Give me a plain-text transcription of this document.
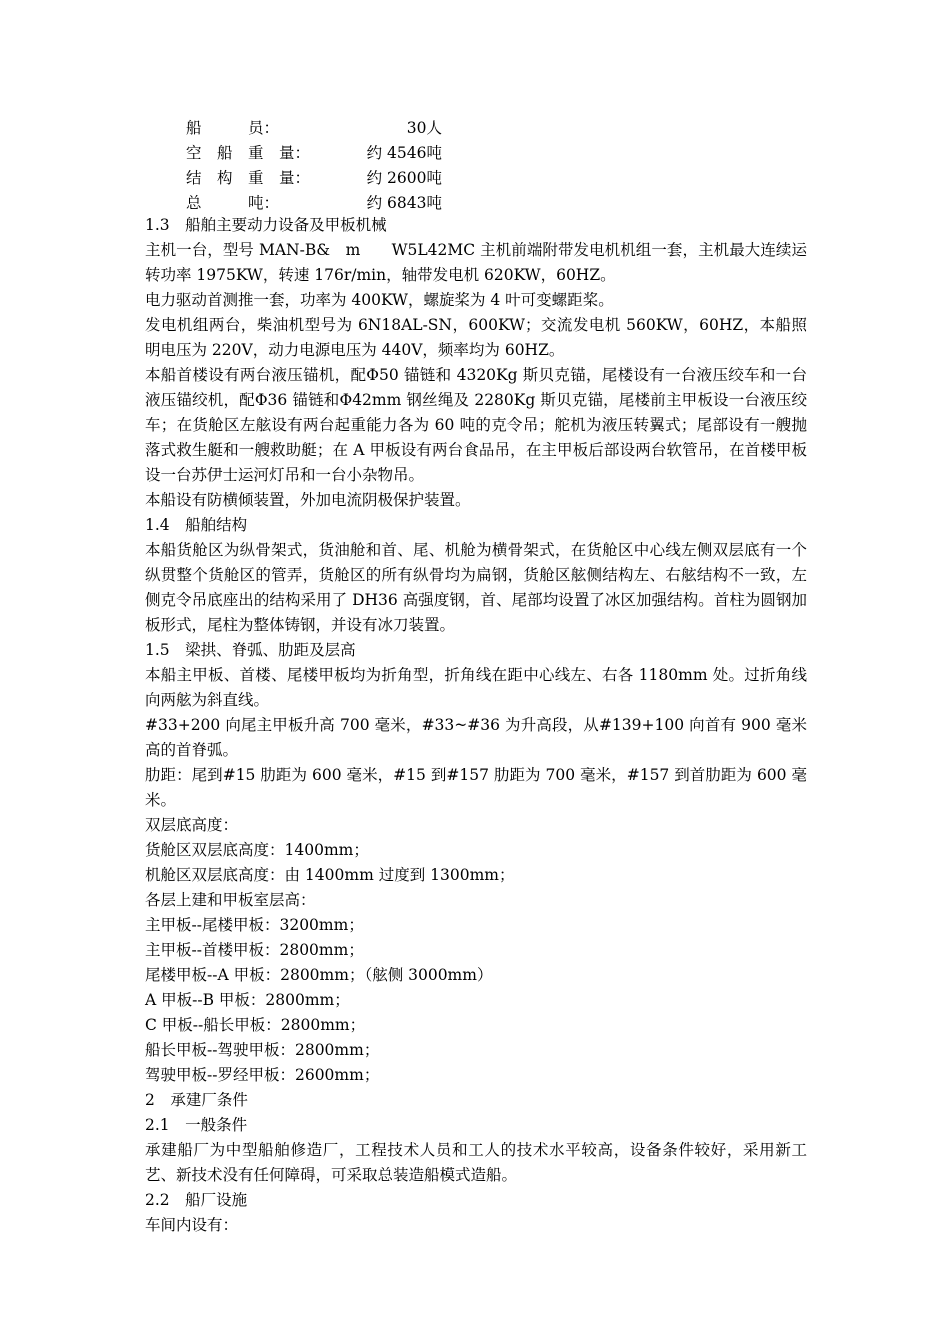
船　　　员：	30人
空　船　重　量：	约 4546吨
结　构　重　量：	约 2600吨
总　　　吨：	约 6843吨

1.3　船舶主要动力设备及甲板机械

主机一台，型号 MAN-B&　m　　W5L42MC 主机前端附带发电机机组一套，主机最大连续运转功率 1975KW，转速 176r/min，轴带发电机 620KW，60HZ。

电力驱动首测推一套，功率为 400KW，螺旋桨为 4 叶可变螺距桨。

发电机组两台，柴油机型号为 6N18AL-SN，600KW；交流发电机 560KW，60HZ，本船照明电压为 220V，动力电源电压为 440V，频率均为 60HZ。

本船首楼设有两台液压锚机，配Φ50 锚链和 4320Kg 斯贝克锚，尾楼设有一台液压绞车和一台液压锚绞机，配Φ36 锚链和Φ42mm 钢丝绳及 2280Kg 斯贝克锚，尾楼前主甲板设一台液压绞车；在货舱区左舷设有两台起重能力各为 60 吨的克令吊；舵机为液压转翼式；尾部设有一艘抛落式救生艇和一艘救助艇；在 A 甲板设有两台食品吊，在主甲板后部设两台软管吊，在首楼甲板设一台苏伊士运河灯吊和一台小杂物吊。

本船设有防横倾装置，外加电流阴极保护装置。

1.4　船舶结构

本船货舱区为纵骨架式，货油舱和首、尾、机舱为横骨架式，在货舱区中心线左侧双层底有一个纵贯整个货舱区的管弄，货舱区的所有纵骨均为扁钢，货舱区舷侧结构左、右舷结构不一致，左侧克令吊底座出的结构采用了 DH36 高强度钢，首、尾部均设置了冰区加强结构。首柱为圆钢加板形式，尾柱为整体铸钢，并设有冰刀装置。

1.5　梁拱、脊弧、肋距及层高

本船主甲板、首楼、尾楼甲板均为折角型，折角线在距中心线左、右各 1180mm 处。过折角线向两舷为斜直线。

#33+200 向尾主甲板升高 700 毫米，#33~#36 为升高段，从#139+100 向首有 900 毫米高的首脊弧。

肋距：尾到#15 肋距为 600 毫米，#15 到#157 肋距为 700 毫米，#157 到首肋距为 600 毫米。

双层底高度：

货舱区双层底高度：1400mm；

机舱区双层底高度：由 1400mm 过度到 1300mm；

各层上建和甲板室层高：

主甲板--尾楼甲板：3200mm；

主甲板--首楼甲板：2800mm；

尾楼甲板--A 甲板：2800mm；（舷侧 3000mm）

A 甲板--B 甲板：2800mm；

C 甲板--船长甲板：2800mm；

船长甲板--驾驶甲板：2800mm；

驾驶甲板--罗经甲板：2600mm；

2　承建厂条件

2.1　一般条件

承建船厂为中型船舶修造厂，工程技术人员和工人的技术水平较高，设备条件较好，采用新工艺、新技术没有任何障碍，可采取总装造船模式造船。

2.2　船厂设施

车间内设有：
